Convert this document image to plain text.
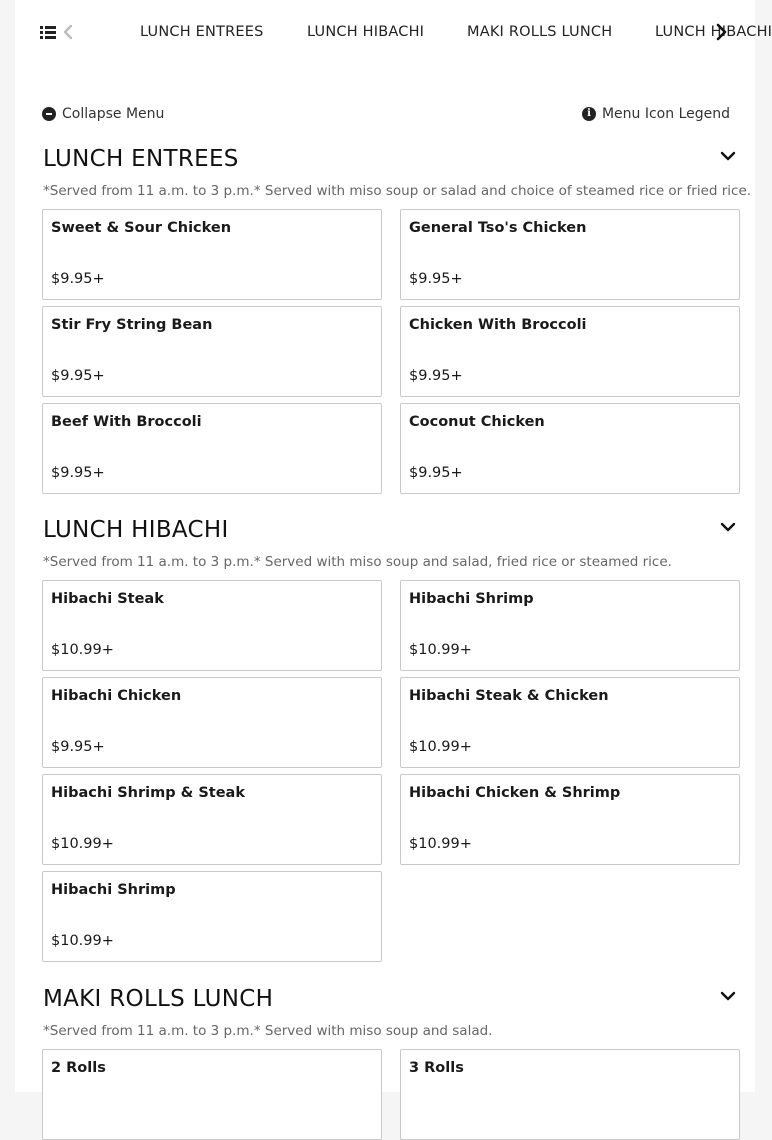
LUNCH ENTREES	LUNCH HIBACHI	MAKI ROLLS LUNCH	LUNCH HIBACHI
Collapse Menu	i Menu Icon Legend
LUNCH ENTREES
*Served from 11 a.m. to 3 p.m.* Served with miso soup or salad and choice of steamed rice or fried rice.
Sweet & Sour Chicken
$9.95+
General Tso's Chicken
$9.95+
Stir Fry String Bean
$9.95+
Chicken With Broccoli
$9.95+
Beef With Broccoli
$9.95+
Coconut Chicken
$9.95+
LUNCH HIBACHI
*Served from 11 a.m. to 3 p.m.* Served with miso soup and salad, fried rice or steamed rice.
Hibachi Steak
$10.99+
Hibachi Shrimp
$10.99+
Hibachi Chicken
$9.95+
Hibachi Steak & Chicken
$10.99+
Hibachi Shrimp & Steak
$10.99+
Hibachi Chicken & Shrimp
$10.99+
Hibachi Shrimp
$10.99+
MAKI ROLLS LUNCH
*Served from 11 a.m. to 3 p.m.* Served with miso soup and salad.
2 Rolls	3 Rolls
